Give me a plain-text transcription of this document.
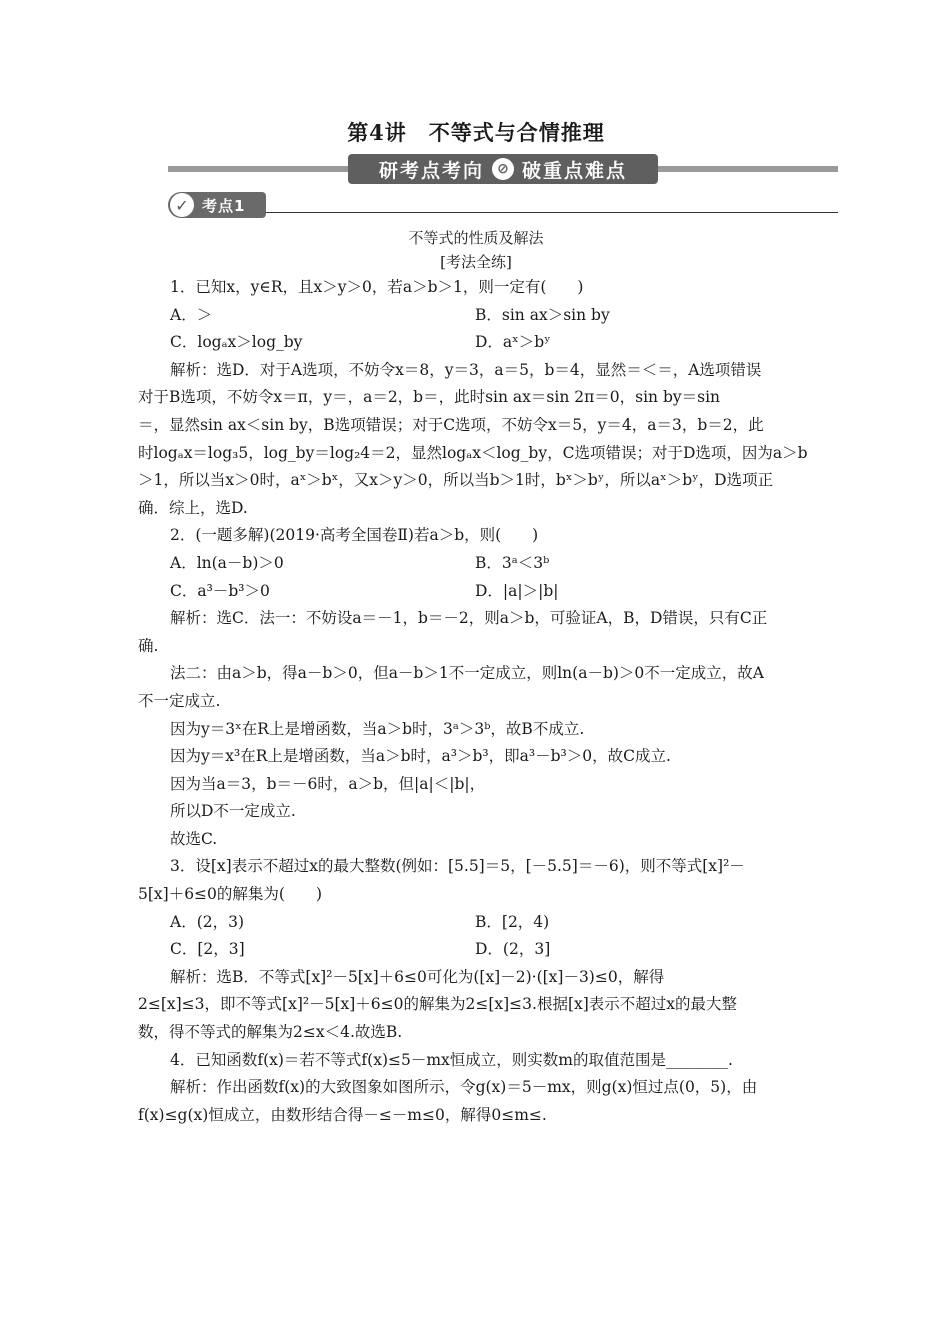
第4讲　不等式与合情推理
研考点考向 ⊘ 破重点难点
✓ 考点1
不等式的性质及解法
[考法全练]

1．已知x，y∈R，且x＞y＞0，若a＞b＞1，则一定有(　　)

A．＞	B．sin ax＞sin by
C．logₐx＞log_by	D．aˣ＞bʸ

解析：选D．对于A选项，不妨令x＝8，y＝3，a＝5，b＝4，显然＝＜＝，A选项错误

对于B选项，不妨令x＝π，y＝，a＝2，b＝，此时sin ax＝sin 2π＝0，sin by＝sin

＝，显然sin ax＜sin by，B选项错误；对于C选项，不妨令x＝5，y＝4，a＝3，b＝2，此

时logₐx＝log₃5，log_by＝log₂4＝2，显然logₐx＜log_by，C选项错误；对于D选项，因为a＞b

＞1，所以当x＞0时，aˣ＞bˣ，又x＞y＞0，所以当b＞1时，bˣ＞bʸ，所以aˣ＞bʸ，D选项正

确．综上，选D.

2．(一题多解)(2019·高考全国卷Ⅱ)若a＞b，则(　　)

A．ln(a－b)＞0	B．3ᵃ＜3ᵇ
C．a³－b³＞0	D．|a|＞|b|

解析：选C．法一：不妨设a＝－1，b＝－2，则a＞b，可验证A，B，D错误，只有C正

确.

法二：由a＞b，得a－b＞0，但a－b＞1不一定成立，则ln(a－b)＞0不一定成立，故A

不一定成立.

因为y＝3ˣ在R上是增函数，当a＞b时，3ᵃ＞3ᵇ，故B不成立.

因为y＝x³在R上是增函数，当a＞b时，a³＞b³，即a³－b³＞0，故C成立.

因为当a＝3，b＝－6时，a＞b，但|a|＜|b|，

所以D不一定成立.

故选C.

3．设[x]表示不超过x的最大整数(例如：[5.5]＝5，[－5.5]＝－6)，则不等式[x]²－

5[x]＋6≤0的解集为(　　)

A．(2，3)	B．[2，4)
C．[2，3]	D．(2，3]

解析：选B．不等式[x]²－5[x]＋6≤0可化为([x]－2)·([x]－3)≤0，解得

2≤[x]≤3，即不等式[x]²－5[x]＋6≤0的解集为2≤[x]≤3.根据[x]表示不超过x的最大整

数，得不等式的解集为2≤x＜4.故选B.

4．已知函数f(x)＝若不等式f(x)≤5－mx恒成立，则实数m的取值范围是________.

解析：作出函数f(x)的大致图象如图所示，令g(x)＝5－mx，则g(x)恒过点(0，5)，由

f(x)≤g(x)恒成立，由数形结合得－≤－m≤0，解得0≤m≤.
